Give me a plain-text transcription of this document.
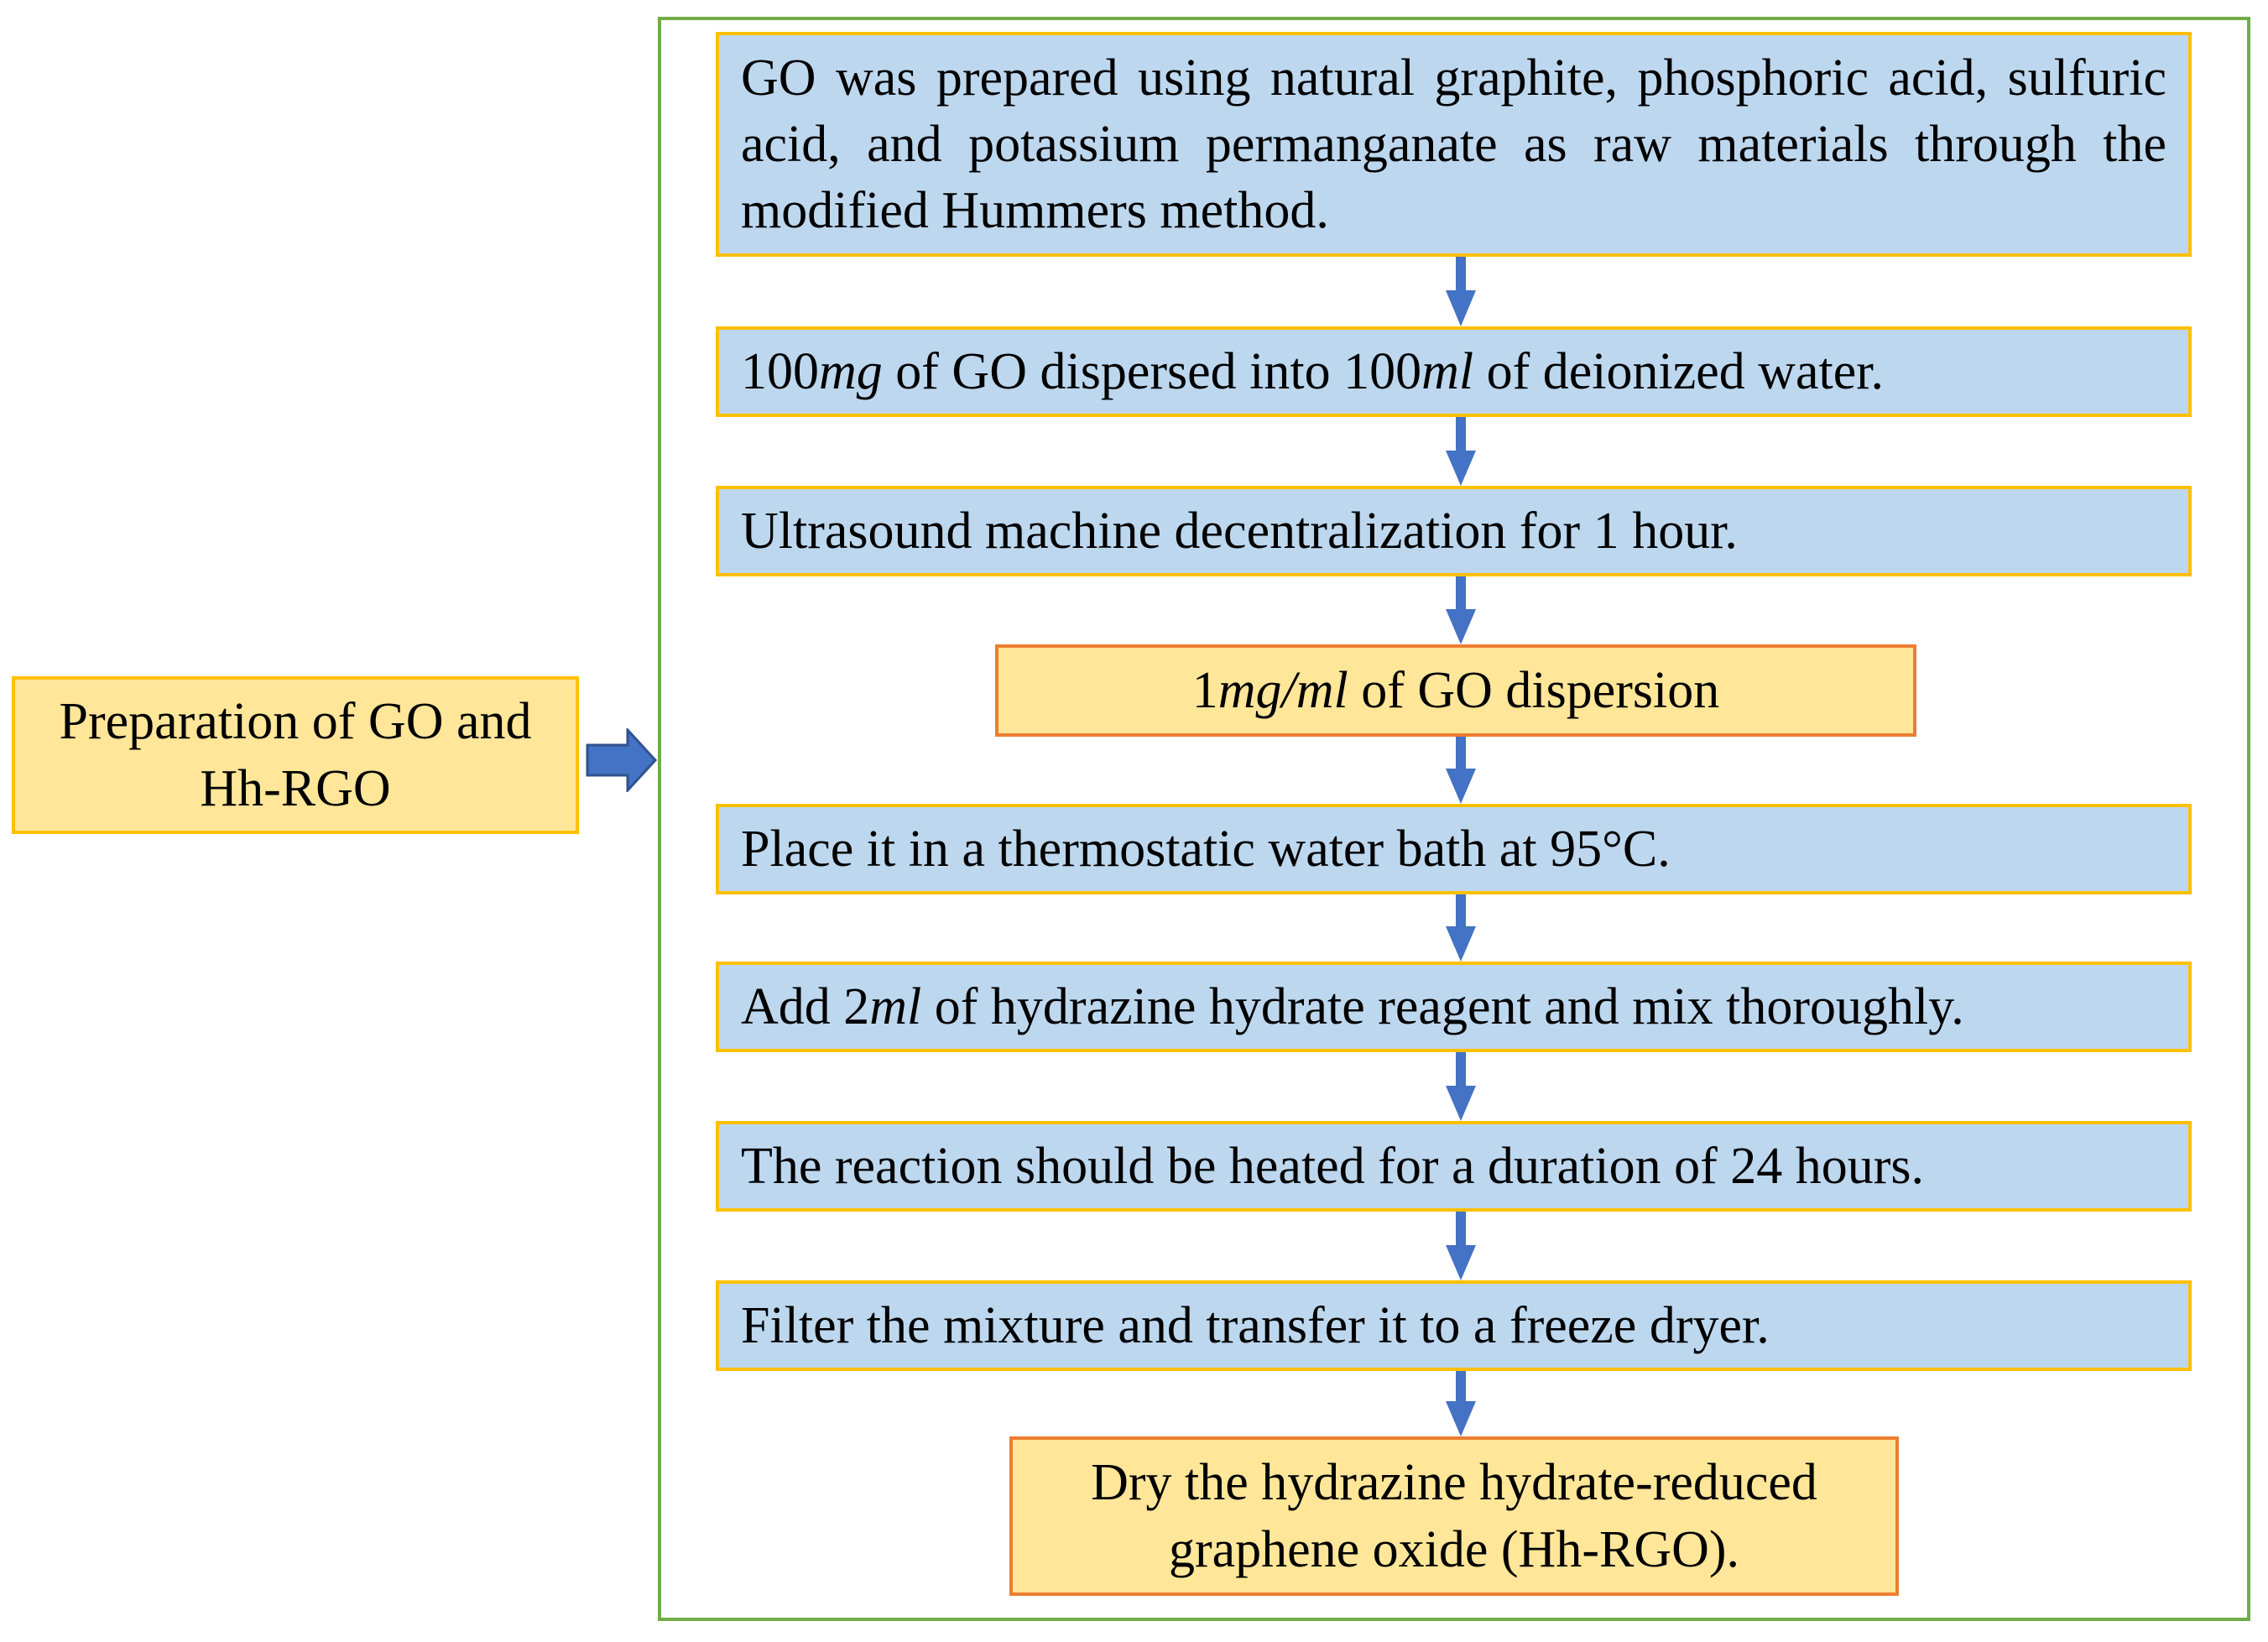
Preparation of GO and
Hh-RGO
GO was prepared using natural graphite, phosphoric acid, sulfuric acid, and potassium permanganate as raw materials through the modified Hummers method.
100mg of GO dispersed into 100ml of deionized water.
Ultrasound machine decentralization for 1 hour.
1mg/ml of GO dispersion
Place it in a thermostatic water bath at 95°C.
Add 2ml of hydrazine hydrate reagent and mix thoroughly.
The reaction should be heated for a duration of 24 hours.
Filter the mixture and transfer it to a freeze dryer.
Dry the hydrazine hydrate-reduced
graphene oxide (Hh-RGO).
